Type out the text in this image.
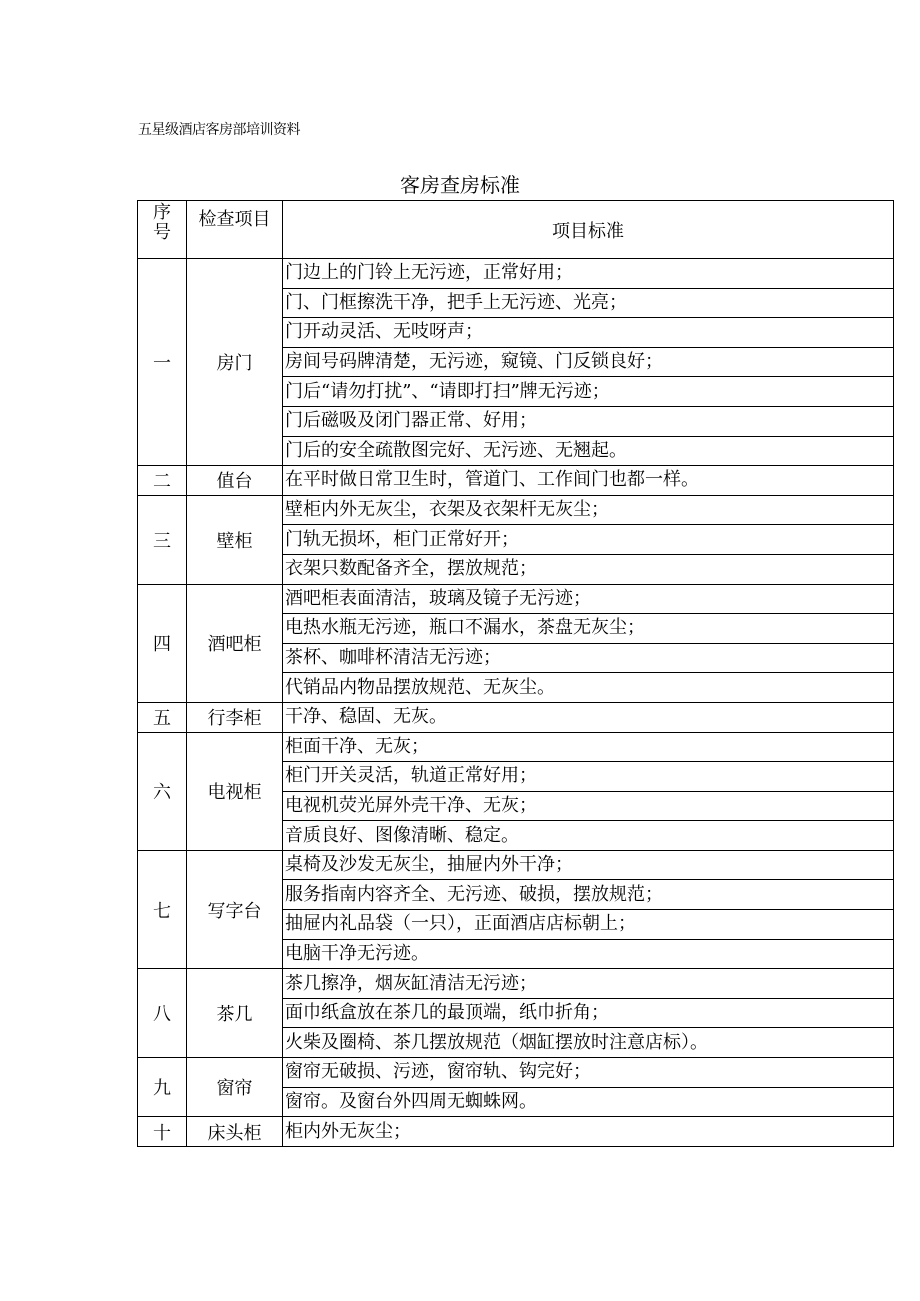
五星级酒店客房部培训资料
客房查房标准
序
号	检查项目	项目标准
一	房门	门边上的门铃上无污迹，正常好用；
		门、门框擦洗干净，把手上无污迹、光亮；
		门开动灵活、无吱呀声；
		房间号码牌清楚，无污迹，窥镜、门反锁良好；
		门后“请勿打扰”、“请即打扫”牌无污迹；
		门后磁吸及闭门器正常、好用；
		门后的安全疏散图完好、无污迹、无翘起。
二	值台	在平时做日常卫生时，管道门、工作间门也都一样。
三	壁柜	壁柜内外无灰尘，衣架及衣架杆无灰尘；
		门轨无损坏，柜门正常好开；
		衣架只数配备齐全，摆放规范；
四	酒吧柜	酒吧柜表面清洁，玻璃及镜子无污迹；
		电热水瓶无污迹，瓶口不漏水，茶盘无灰尘；
		茶杯、咖啡杯清洁无污迹；
		代销品内物品摆放规范、无灰尘。
五	行李柜	干净、稳固、无灰。
六	电视柜	柜面干净、无灰；
		柜门开关灵活，轨道正常好用；
		电视机荧光屏外壳干净、无灰；
		音质良好、图像清晰、稳定。
七	写字台	桌椅及沙发无灰尘，抽屉内外干净；
		服务指南内容齐全、无污迹、破损，摆放规范；
		抽屉内礼品袋（一只），正面酒店店标朝上；
		电脑干净无污迹。
八	茶几	茶几擦净，烟灰缸清洁无污迹；
		面巾纸盒放在茶几的最顶端，纸巾折角；
		火柴及圈椅、茶几摆放规范（烟缸摆放时注意店标）。
九	窗帘	窗帘无破损、污迹，窗帘轨、钩完好；
		窗帘。及窗台外四周无蜘蛛网。
十	床头柜	柜内外无灰尘；
